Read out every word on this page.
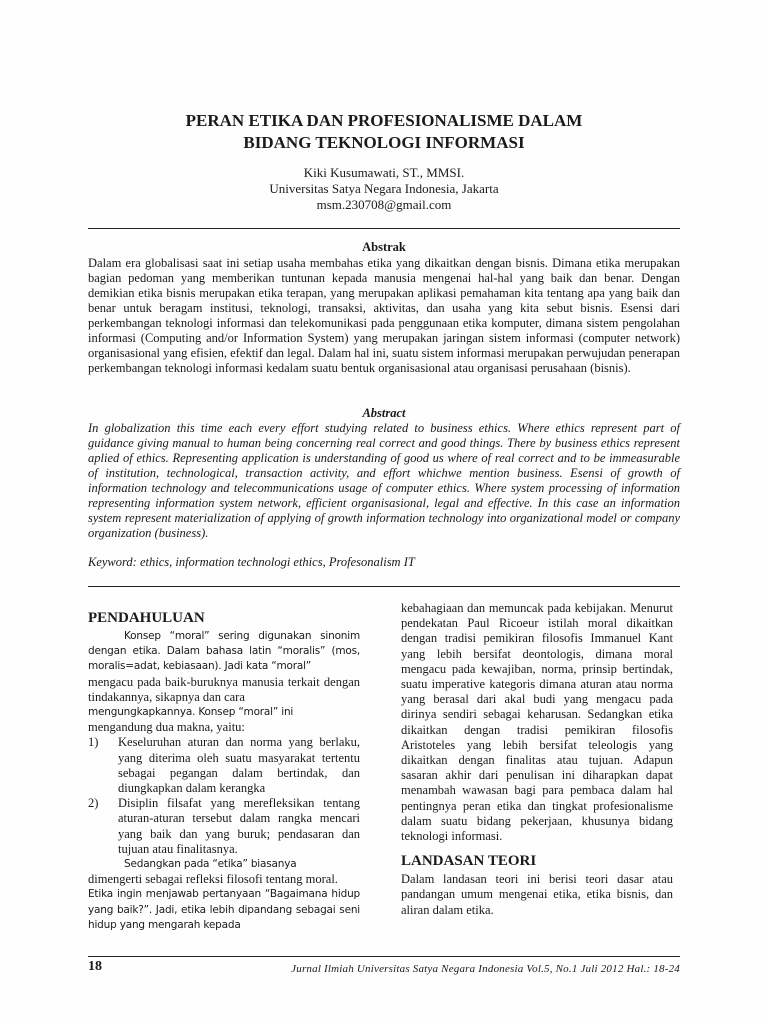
PERAN ETIKA DAN PROFESIONALISME DALAM
BIDANG TEKNOLOGI INFORMASI
Kiki Kusumawati, ST., MMSI.
Universitas Satya Negara Indonesia, Jakarta
msm.230708@gmail.com
Abstrak
Dalam era globalisasi saat ini setiap usaha membahas etika yang dikaitkan dengan bisnis. Dimana etika merupakan bagian pedoman yang memberikan tuntunan kepada manusia mengenai hal-hal yang baik dan benar. Dengan demikian etika bisnis merupakan etika terapan, yang merupakan aplikasi pemahaman kita tentang apa yang baik dan benar untuk beragam institusi, teknologi, transaksi, aktivitas, dan usaha yang kita sebut bisnis. Esensi dari perkembangan teknologi informasi dan telekomunikasi pada penggunaan etika komputer, dimana sistem pengolahan informasi (Computing and/or Information System) yang merupakan jaringan sistem informasi (computer network) organisasional yang efisien, efektif dan legal. Dalam hal ini, suatu sistem informasi merupakan perwujudan penerapan perkembangan teknologi informasi kedalam suatu bentuk organisasional atau organisasi perusahaan (bisnis).
Abstract
In globalization this time each every effort studying related to business ethics. Where ethics represent part of guidance giving manual to human being concerning real correct and good things. There by business ethics represent aplied of ethics. Representing application is understanding of good us where of real correct and to be immeasurable of institution, technological, transaction activity, and effort whichwe mention business. Esensi of growth of information technology and telecommunications usage of computer ethics. Where system processing of information representing information system network, efficient organisasional, legal and effective. In this case an information system represent materialization of applying of growth information technology into organizational model or company organization (business).
Keyword: ethics, information technologi ethics, Profesonalism IT
PENDAHULUAN

Konsep “moral” sering digunakan sinonim dengan etika. Dalam bahasa latin “moralis” (mos, moralis=adat, kebiasaan). Jadi kata “moral”

mengacu pada baik-buruknya manusia terkait dengan tindakannya, sikapnya dan cara

mengungkapkannya. Konsep “moral” ini

mengandung dua makna, yaitu:

1) Keseluruhan aturan dan norma yang berlaku, yang diterima oleh suatu masyarakat tertentu sebagai pegangan dalam bertindak, dan diungkapkan dalam kerangka
2) Disiplin filsafat yang merefleksikan tentang aturan-aturan tersebut dalam rangka mencari yang baik dan yang buruk; pendasaran dan tujuan atau finalitasnya.

Sedangkan pada “etika” biasanya

dimengerti sebagai refleksi filosofi tentang moral.

Etika ingin menjawab pertanyaan “Bagaimana hidup yang baik?”. Jadi, etika lebih dipandang sebagai seni hidup yang mengarah kepada

kebahagiaan dan memuncak pada kebijakan. Menurut pendekatan Paul Ricoeur istilah moral dikaitkan dengan tradisi pemikiran filosofis Immanuel Kant yang lebih bersifat deontologis, dimana moral mengacu pada kewajiban, norma, prinsip bertindak, suatu imperative kategoris dimana aturan atau norma yang berasal dari akal budi yang mengacu pada dirinya sendiri sebagai keharusan. Sedangkan etika dikaitkan dengan tradisi pemikiran filosofis Aristoteles yang lebih bersifat teleologis yang dikaitkan dengan finalitas atau tujuan. Adapun sasaran akhir dari penulisan ini diharapkan dapat menambah wawasan bagi para pembaca dalam hal pentingnya peran etika dan tingkat profesionalisme dalam suatu bidang pekerjaan, khusunya bidang teknologi informasi.

LANDASAN TEORI

Dalam landasan teori ini berisi teori dasar atau pandangan umum mengenai etika, etika bisnis, dan aliran dalam etika.

18	Jurnal Ilmiah Universitas Satya Negara Indonesia Vol.5, No.1 Juli 2012 Hal.: 18-24
